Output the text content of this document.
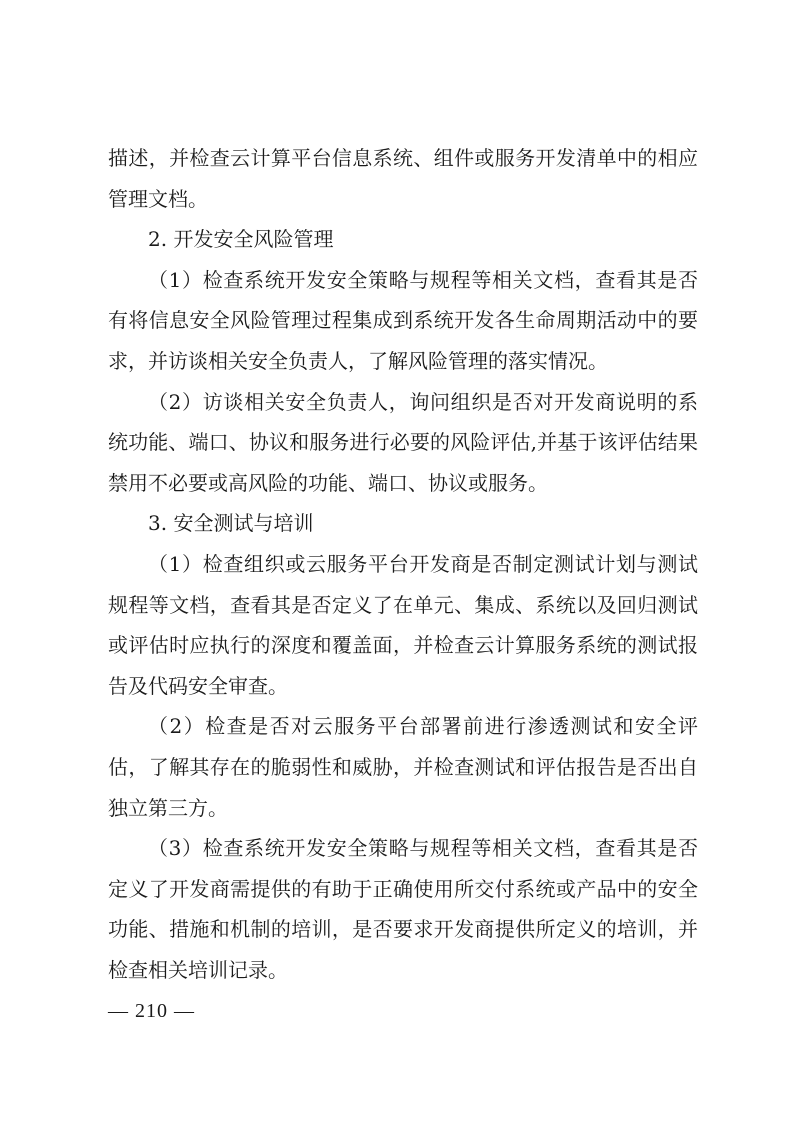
描述，并检查云计算平台信息系统、组件或服务开发清单中的相应管理文档。

2. 开发安全风险管理

（1）检查系统开发安全策略与规程等相关文档，查看其是否有将信息安全风险管理过程集成到系统开发各生命周期活动中的要求，并访谈相关安全负责人，了解风险管理的落实情况。

（2）访谈相关安全负责人，询问组织是否对开发商说明的系统功能、端口、协议和服务进行必要的风险评估,并基于该评估结果禁用不必要或高风险的功能、端口、协议或服务。

3. 安全测试与培训

（1）检查组织或云服务平台开发商是否制定测试计划与测试规程等文档，查看其是否定义了在单元、集成、系统以及回归测试或评估时应执行的深度和覆盖面，并检查云计算服务系统的测试报告及代码安全审查。

（2）检查是否对云服务平台部署前进行渗透测试和安全评估，了解其存在的脆弱性和威胁，并检查测试和评估报告是否出自独立第三方。

（3）检查系统开发安全策略与规程等相关文档，查看其是否定义了开发商需提供的有助于正确使用所交付系统或产品中的安全功能、措施和机制的培训，是否要求开发商提供所定义的培训，并检查相关培训记录。

— 210 —
